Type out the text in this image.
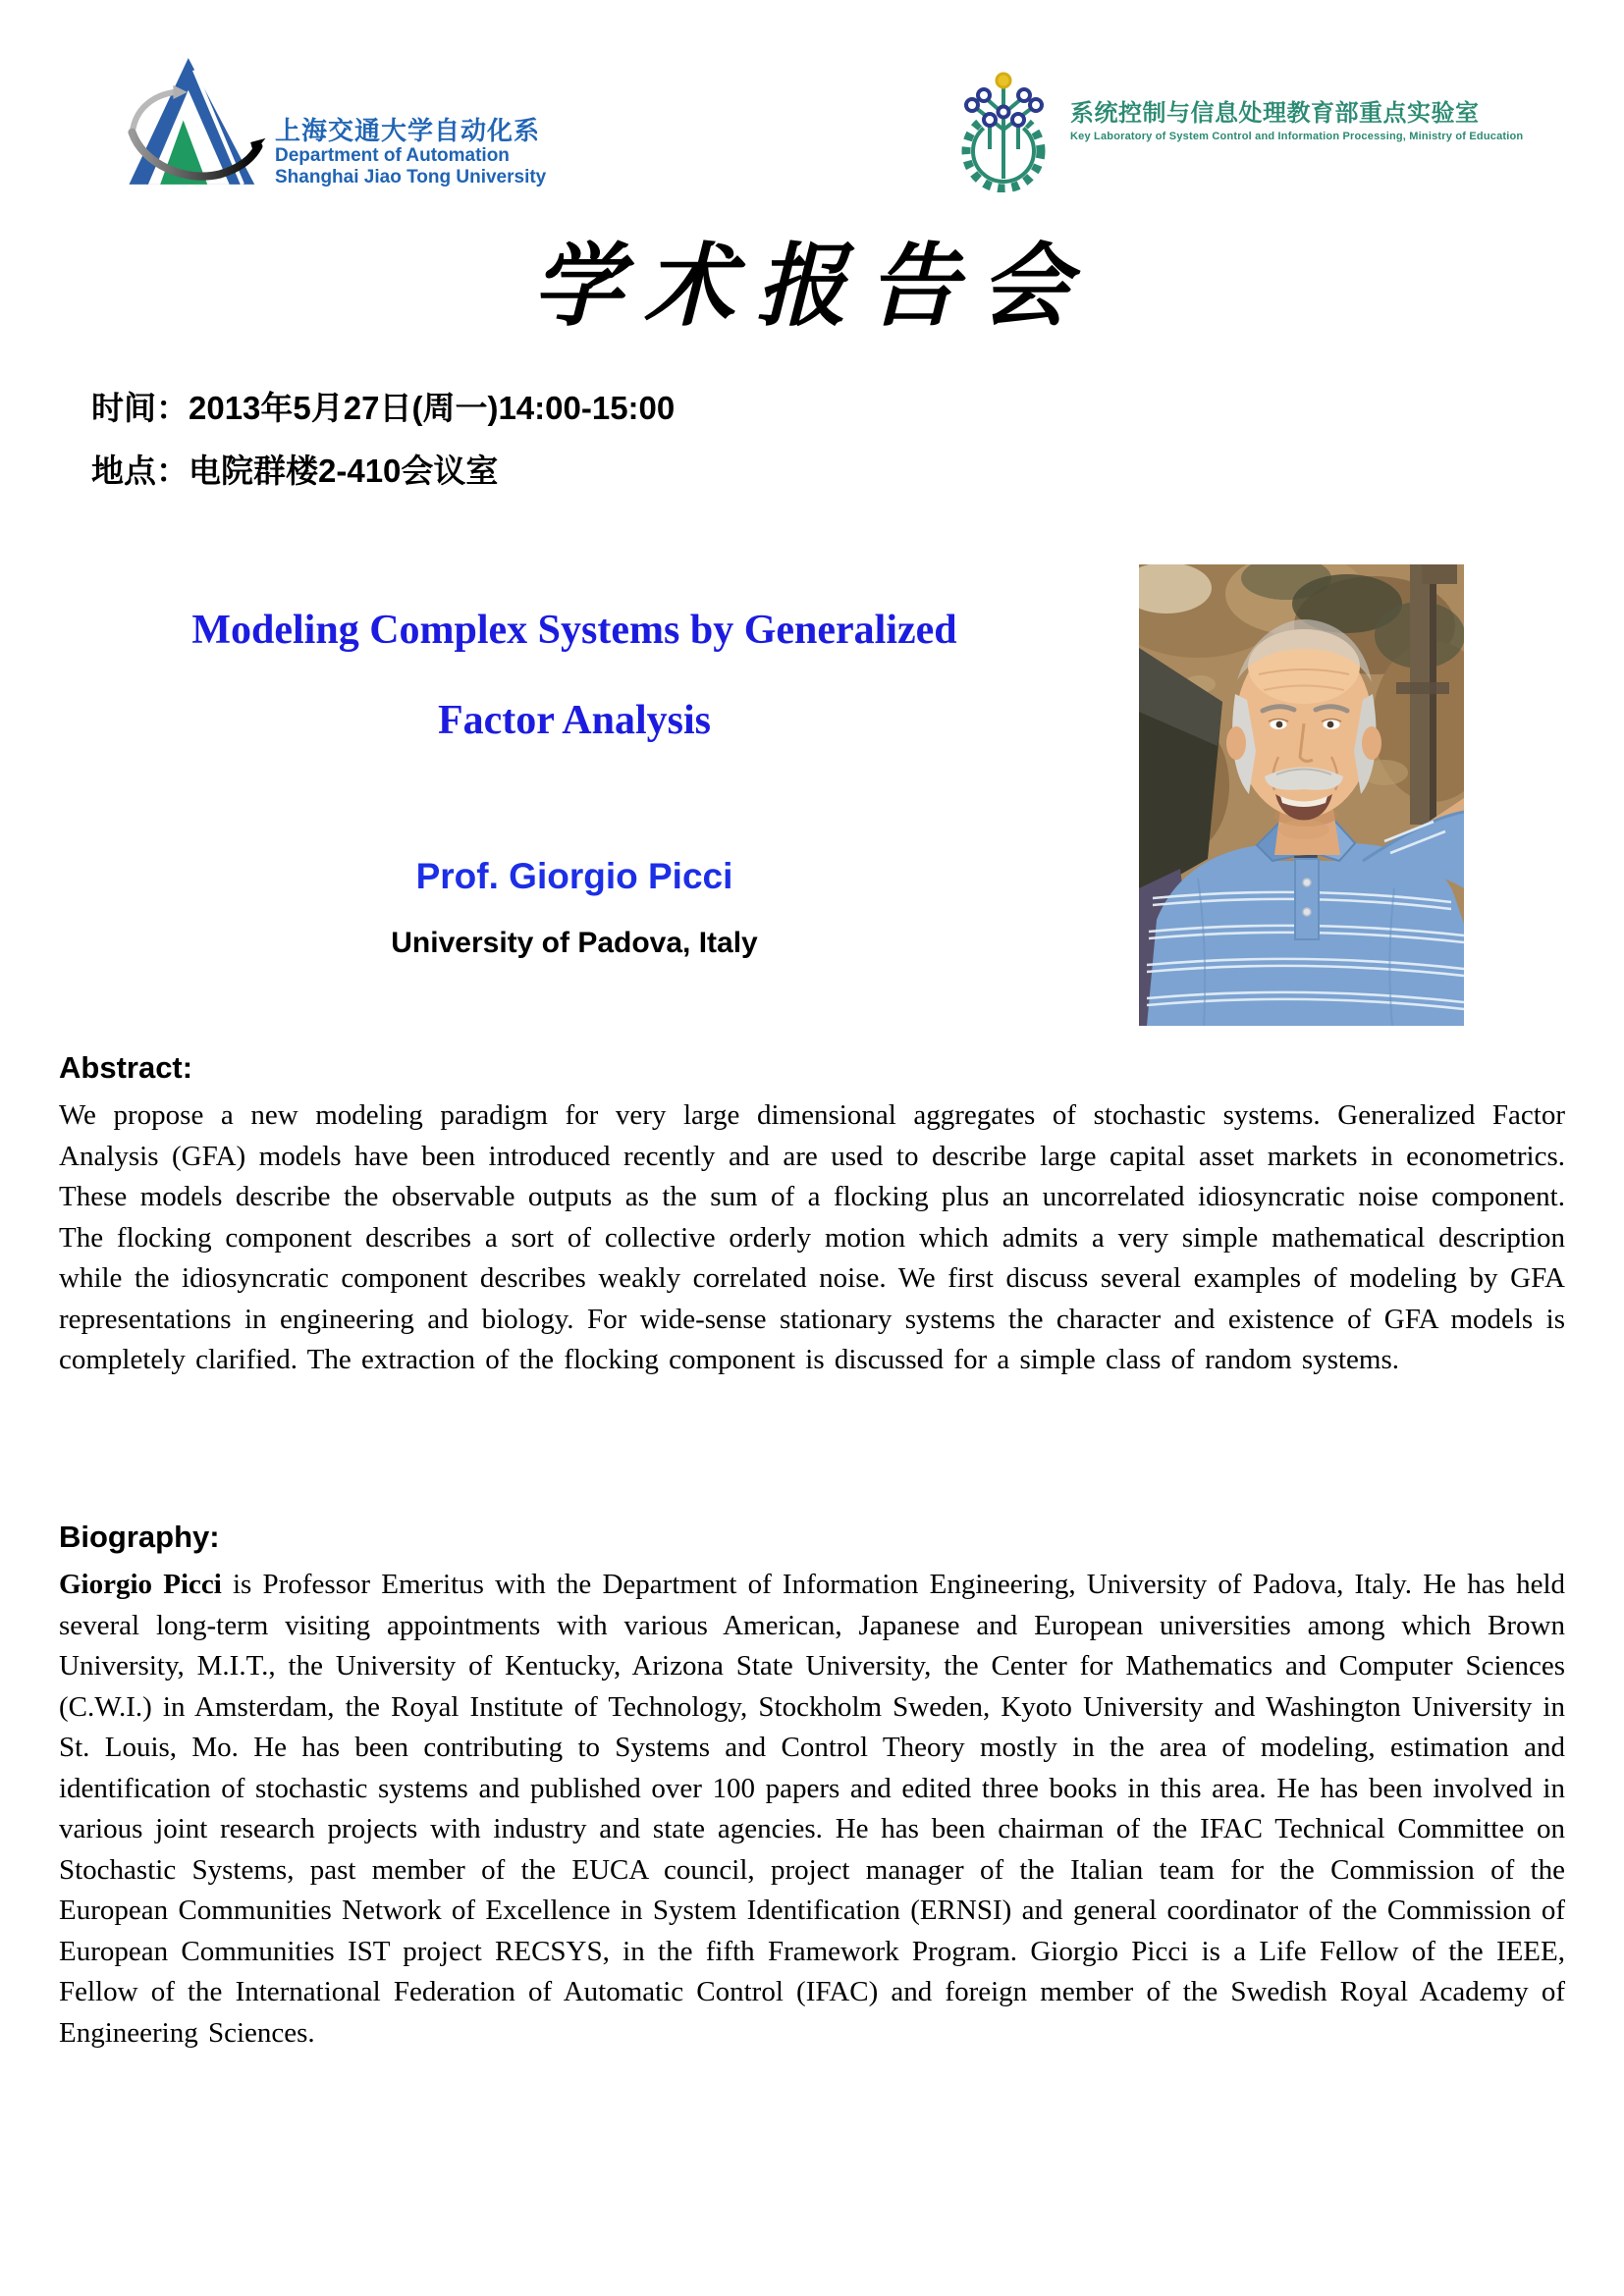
上海交通大学自动化系
Department of Automation
Shanghai Jiao Tong University
系统控制与信息处理教育部重点实验室
Key Laboratory of System Control and Information Processing, Ministry of Education
学术报告会
时间：2013年5月27日(周一)14:00-15:00
地点：电院群楼2-410会议室
Modeling Complex Systems by Generalized
Factor Analysis
Prof. Giorgio Picci
University of Padova, Italy
Abstract:

We propose a new modeling paradigm for very large dimensional aggregates of stochastic systems. Generalized Factor Analysis (GFA) models have been introduced recently and are used to describe large capital asset markets in econometrics. These models describe the observable outputs as the sum of a flocking plus an uncorrelated idiosyncratic noise component. The flocking component describes a sort of collective orderly motion which admits a very simple mathematical description while the idiosyncratic component describes weakly correlated noise. We first discuss several examples of modeling by GFA representations in engineering and biology. For wide-sense stationary systems the character and existence of GFA models is completely clarified. The extraction of the flocking component is discussed for a simple class of random systems.

Biography:

Giorgio Picci is Professor Emeritus with the Department of Information Engineering, University of Padova, Italy. He has held several long-term visiting appointments with various American, Japanese and European universities among which Brown University, M.I.T., the University of Kentucky, Arizona State University, the Center for Mathematics and Computer Sciences (C.W.I.) in Amsterdam, the Royal Institute of Technology, Stockholm Sweden, Kyoto University and Washington University in St. Louis, Mo. He has been contributing to Systems and Control Theory mostly in the area of modeling, estimation and identification of stochastic systems and published over 100 papers and edited three books in this area. He has been involved in various joint research projects with industry and state agencies. He has been chairman of the IFAC Technical Committee on Stochastic Systems, past member of the EUCA council, project manager of the Italian team for the Commission of the European Communities Network of Excellence in System Identification (ERNSI) and general coordinator of the Commission of European Communities IST project RECSYS, in the fifth Framework Program. Giorgio Picci is a Life Fellow of the IEEE, Fellow of the International Federation of Automatic Control (IFAC) and foreign member of the Swedish Royal Academy of Engineering Sciences.
